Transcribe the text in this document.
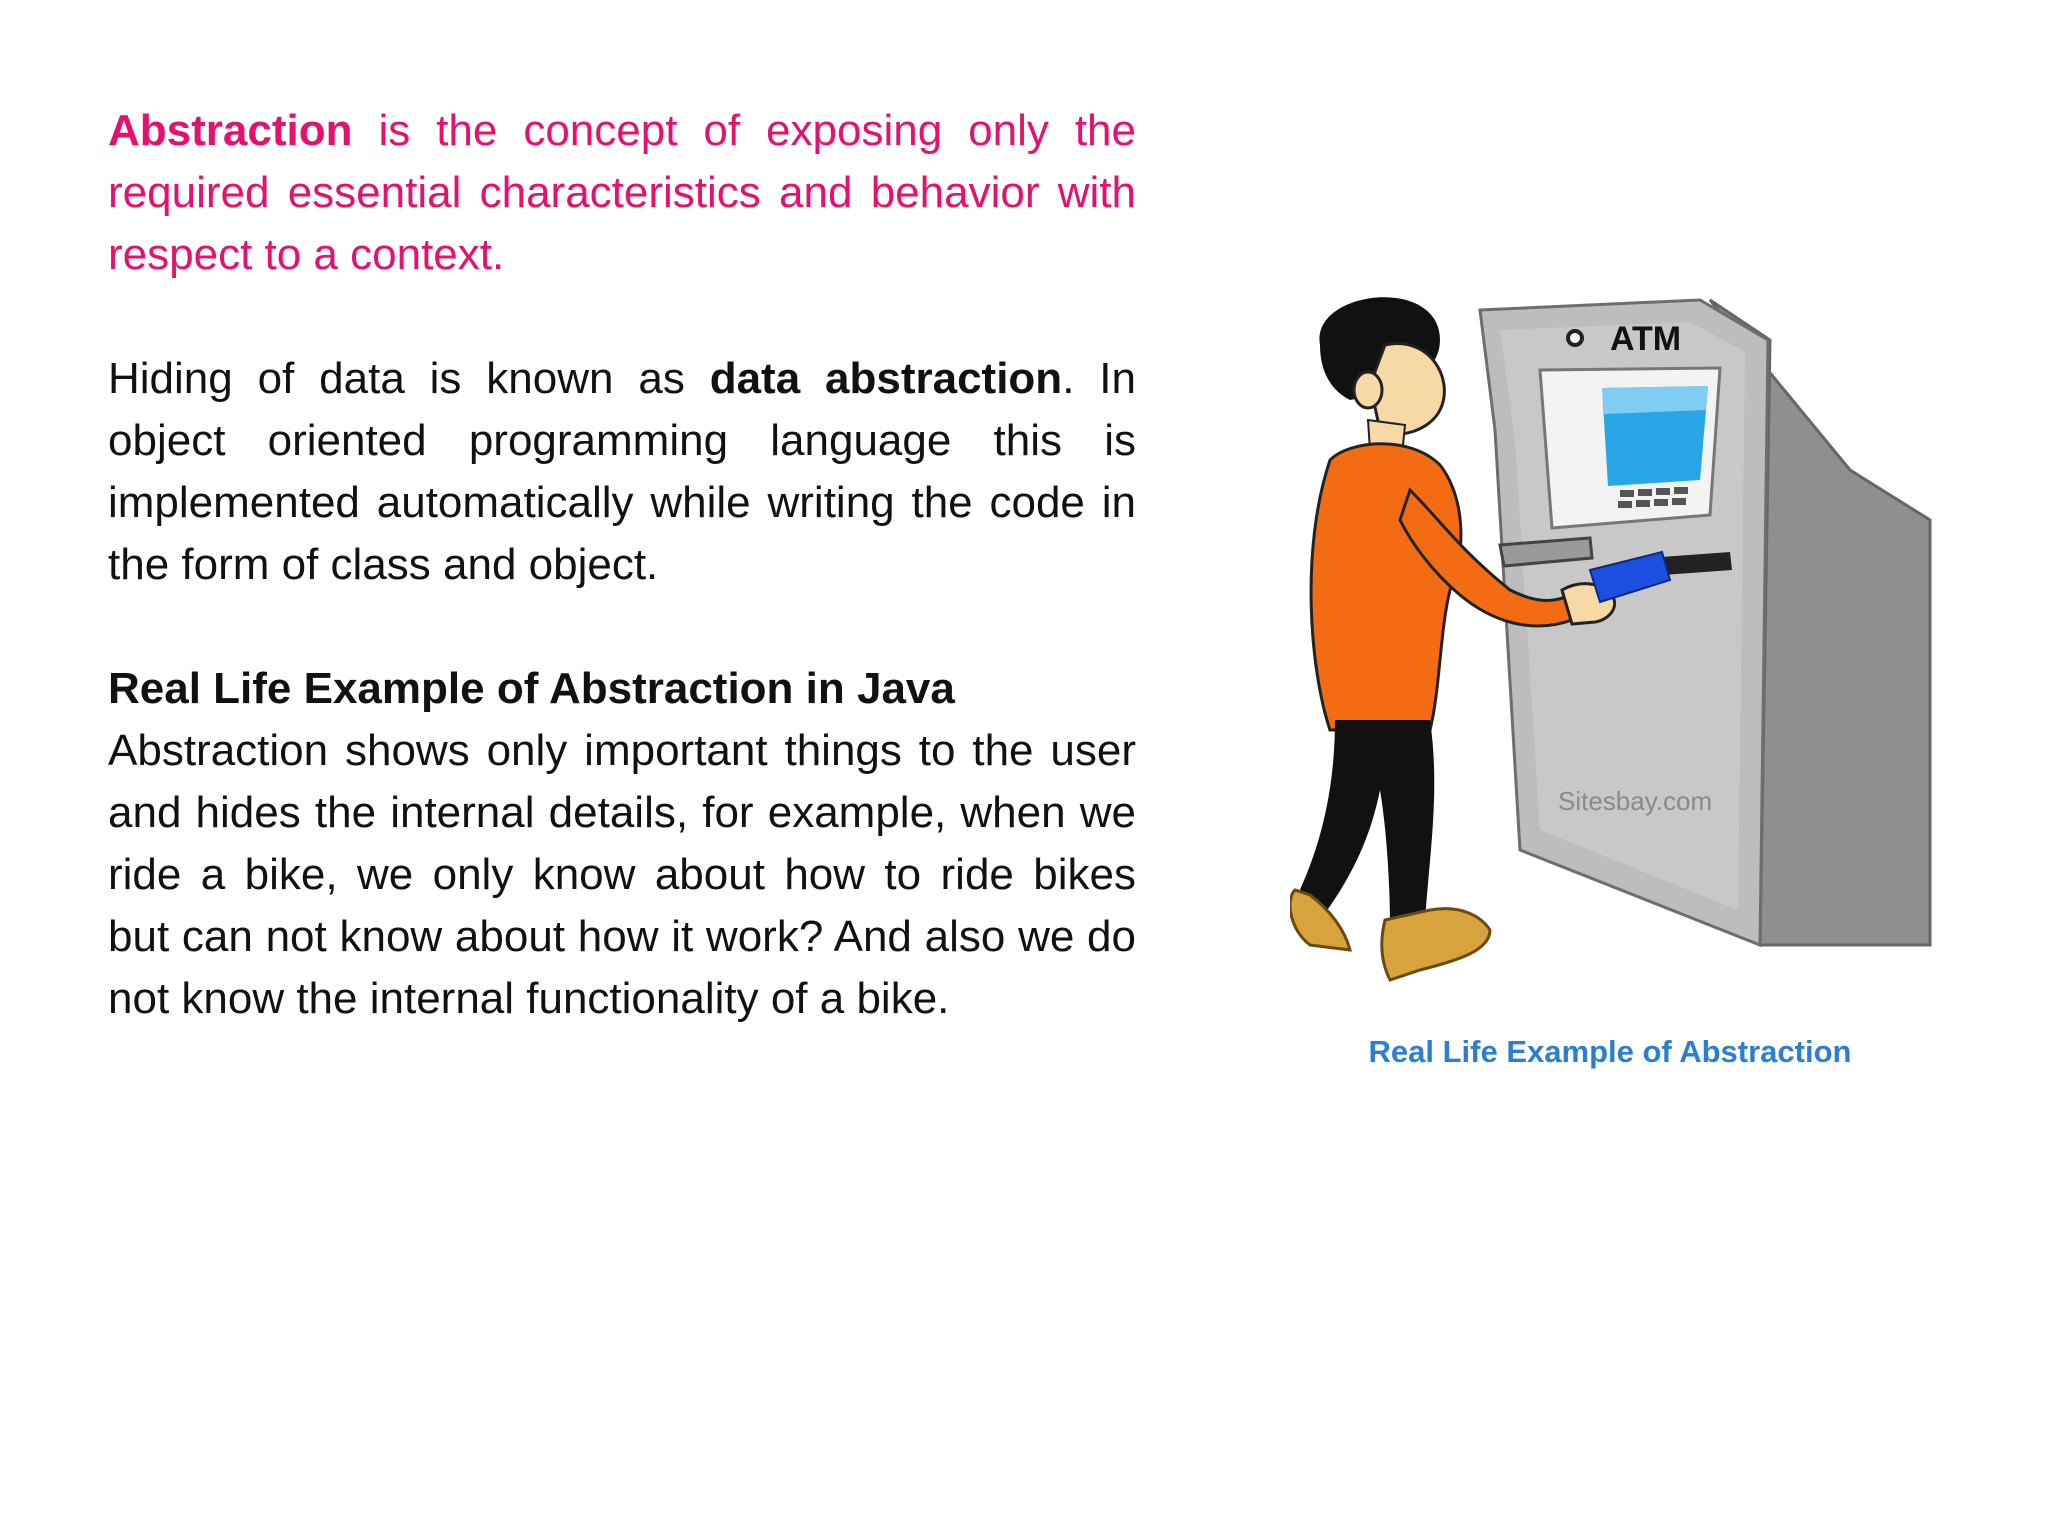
Abstraction is the concept of exposing only the required essential characteristics and behavior with respect to a context.

Hiding of data is known as data abstraction. In object oriented programming language this is implemented automatically while writing the code in the form of class and object.

Real Life Example of Abstraction in Java
Abstraction shows only important things to the user and hides the internal details, for example, when we ride a bike, we only know about how to ride bikes but can not know about how it work? And also we do not know the internal functionality of a bike.
ATM
Sitesbay.com
Real Life Example of Abstraction
